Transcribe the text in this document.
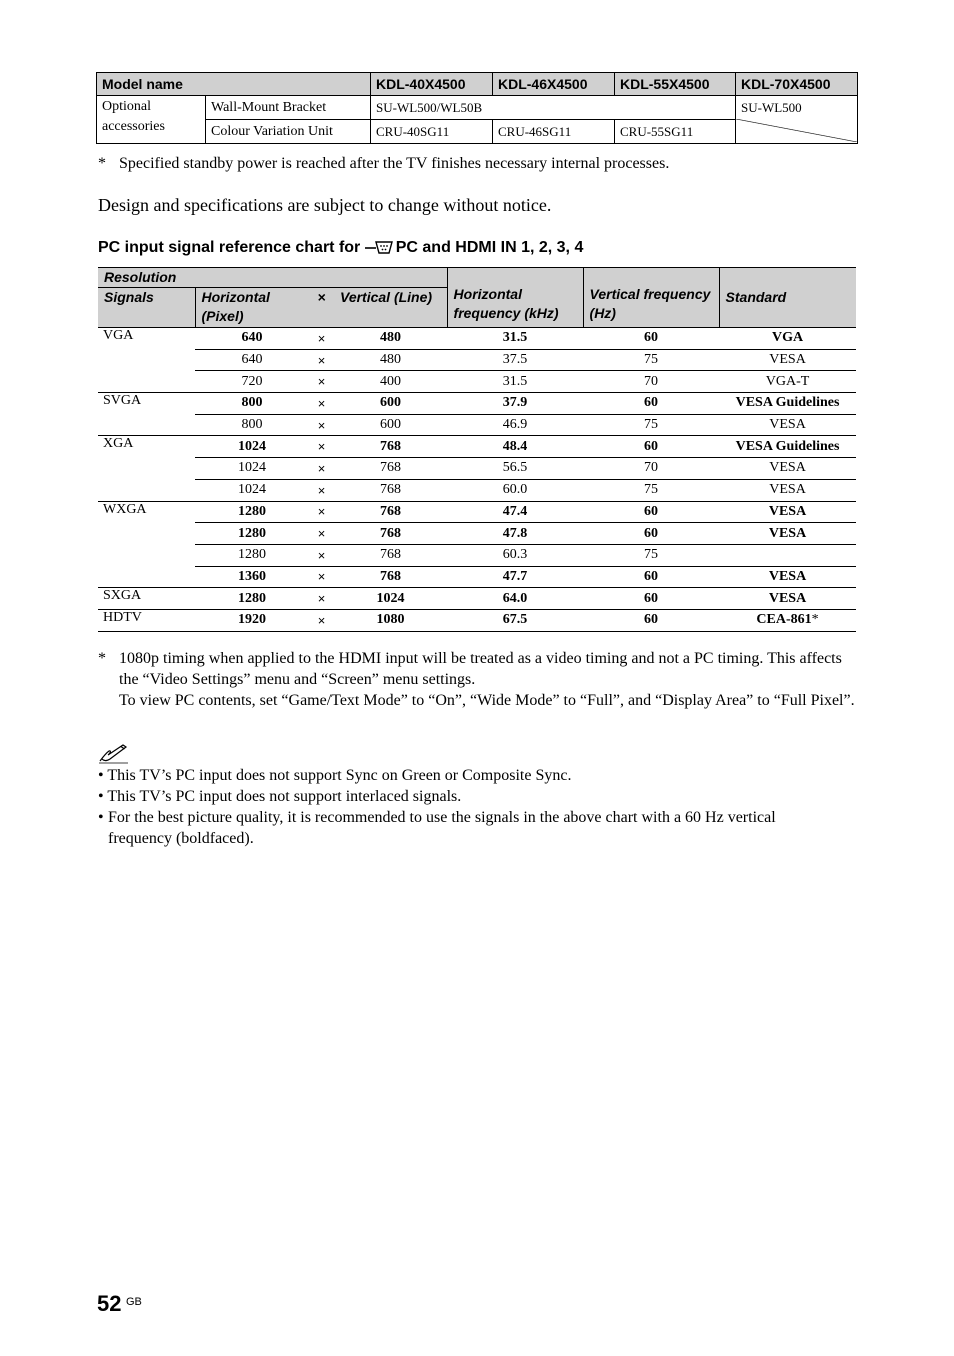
Model name		KDL-40X4500	KDL-46X4500	KDL-55X4500	KDL-70X4500
Optional accessories	Wall-Mount Bracket	SU-WL500/WL50B			SU-WL500

	Colour Variation Unit	CRU-40SG11	CRU-46SG11	CRU-55SG11	
* Specified standby power is reached after the TV finishes necessary internal processes.
Design and specifications are subject to change without notice.
PC input signal reference chart for PC and HDMI IN 1, 2, 3, 4
Resolution				Horizontal frequency (kHz)	Vertical frequency (Hz)	Standard
Signals	Horizontal (Pixel)	×	Vertical (Line)			
VGA	640	×	480	31.5	60	VGA
	640	×	480	37.5	75	VESA
	720	×	400	31.5	70	VGA-T
SVGA	800	×	600	37.9	60	VESA Guidelines
	800	×	600	46.9	75	VESA
XGA	1024	×	768	48.4	60	VESA Guidelines
	1024	×	768	56.5	70	VESA
	1024	×	768	60.0	75	VESA
WXGA	1280	×	768	47.4	60	VESA
	1280	×	768	47.8	60	VESA
	1280	×	768	60.3	75	
	1360	×	768	47.7	60	VESA
SXGA	1280	×	1024	64.0	60	VESA
HDTV	1920	×	1080	67.5	60	CEA-861*
* 1080p timing when applied to the HDMI input will be treated as a video timing and not a PC timing. This affects the “Video Settings” menu and “Screen” menu settings.
To view PC contents, set “Game/Text Mode” to “On”, “Wide Mode” to “Full”, and “Display Area” to “Full Pixel”.
• This TV’s PC input does not support Sync on Green or Composite Sync.
• This TV’s PC input does not support interlaced signals.
• For the best picture quality, it is recommended to use the signals in the above chart with a 60 Hz vertical frequency (boldfaced).
52 $^{GB}$
